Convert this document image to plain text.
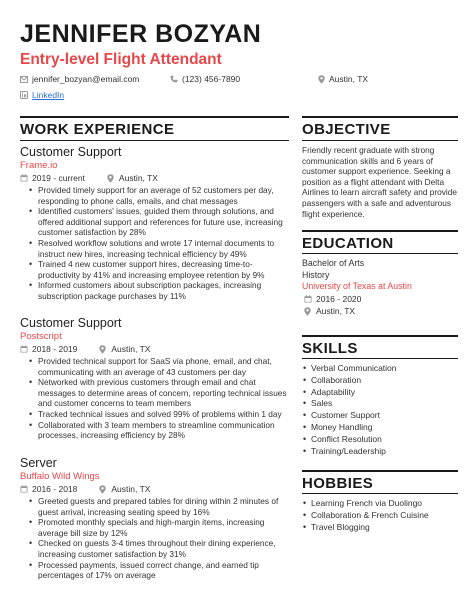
JENNIFER BOZYAN
Entry-level Flight Attendant
jennifer_bozyan@email.com	(123) 456-7890	Austin, TX
LinkedIn
WORK EXPERIENCE
Customer Support
Frame.io
2019 - current	Austin, TX
• Provided timely support for an average of 52 customers per day, responding to phone calls, emails, and chat messages
• Identified customers' issues, guided them through solutions, and offered additional support and references for future use, increasing customer satisfaction by 28%
• Resolved workflow solutions and wrote 17 internal documents to instruct new hires, increasing technical efficiency by 49%
• Trained 4 new customer support hires, decreasing time-to-productivity by 41% and increasing employee retention by 9%
• Informed customers about subscription packages, increasing subscription package purchases by 11%
Customer Support
Postscript
2018 - 2019	Austin, TX
• Provided technical support for SaaS via phone, email, and chat, communicating with an average of 43 customers per day
• Networked with previous customers through email and chat messages to determine areas of concern, reporting technical issues and customer concerns to team members
• Tracked technical issues and solved 99% of problems within 1 day
• Collaborated with 3 team members to streamline communication processes, increasing efficiency by 28%
Server
Buffalo Wild Wings
2016 - 2018	Austin, TX
• Greeted guests and prepared tables for dining within 2 minutes of guest arrival, increasing seating speed by 16%
• Promoted monthly specials and high-margin items, increasing average bill size by 12%
• Checked on guests 3-4 times throughout their dining experience, increasing customer satisfaction by 31%
• Processed payments, issued correct change, and earned tip percentages of 17% on average
OBJECTIVE
Friendly recent graduate with strong communication skills and 6 years of customer support experience. Seeking a position as a flight attendant with Delta Airlines to learn aircraft safety and provide passengers with a safe and adventurous flight experience.
EDUCATION
Bachelor of Arts
History
University of Texas at Austin
2016 - 2020
Austin, TX
SKILLS
• Verbal Communication
• Collaboration
• Adaptability
• Sales
• Customer Support
• Money Handling
• Conflict Resolution
• Training/Leadership
HOBBIES
• Learning French via Duolingo
• Collaboration & French Cuisine
• Travel Blogging
